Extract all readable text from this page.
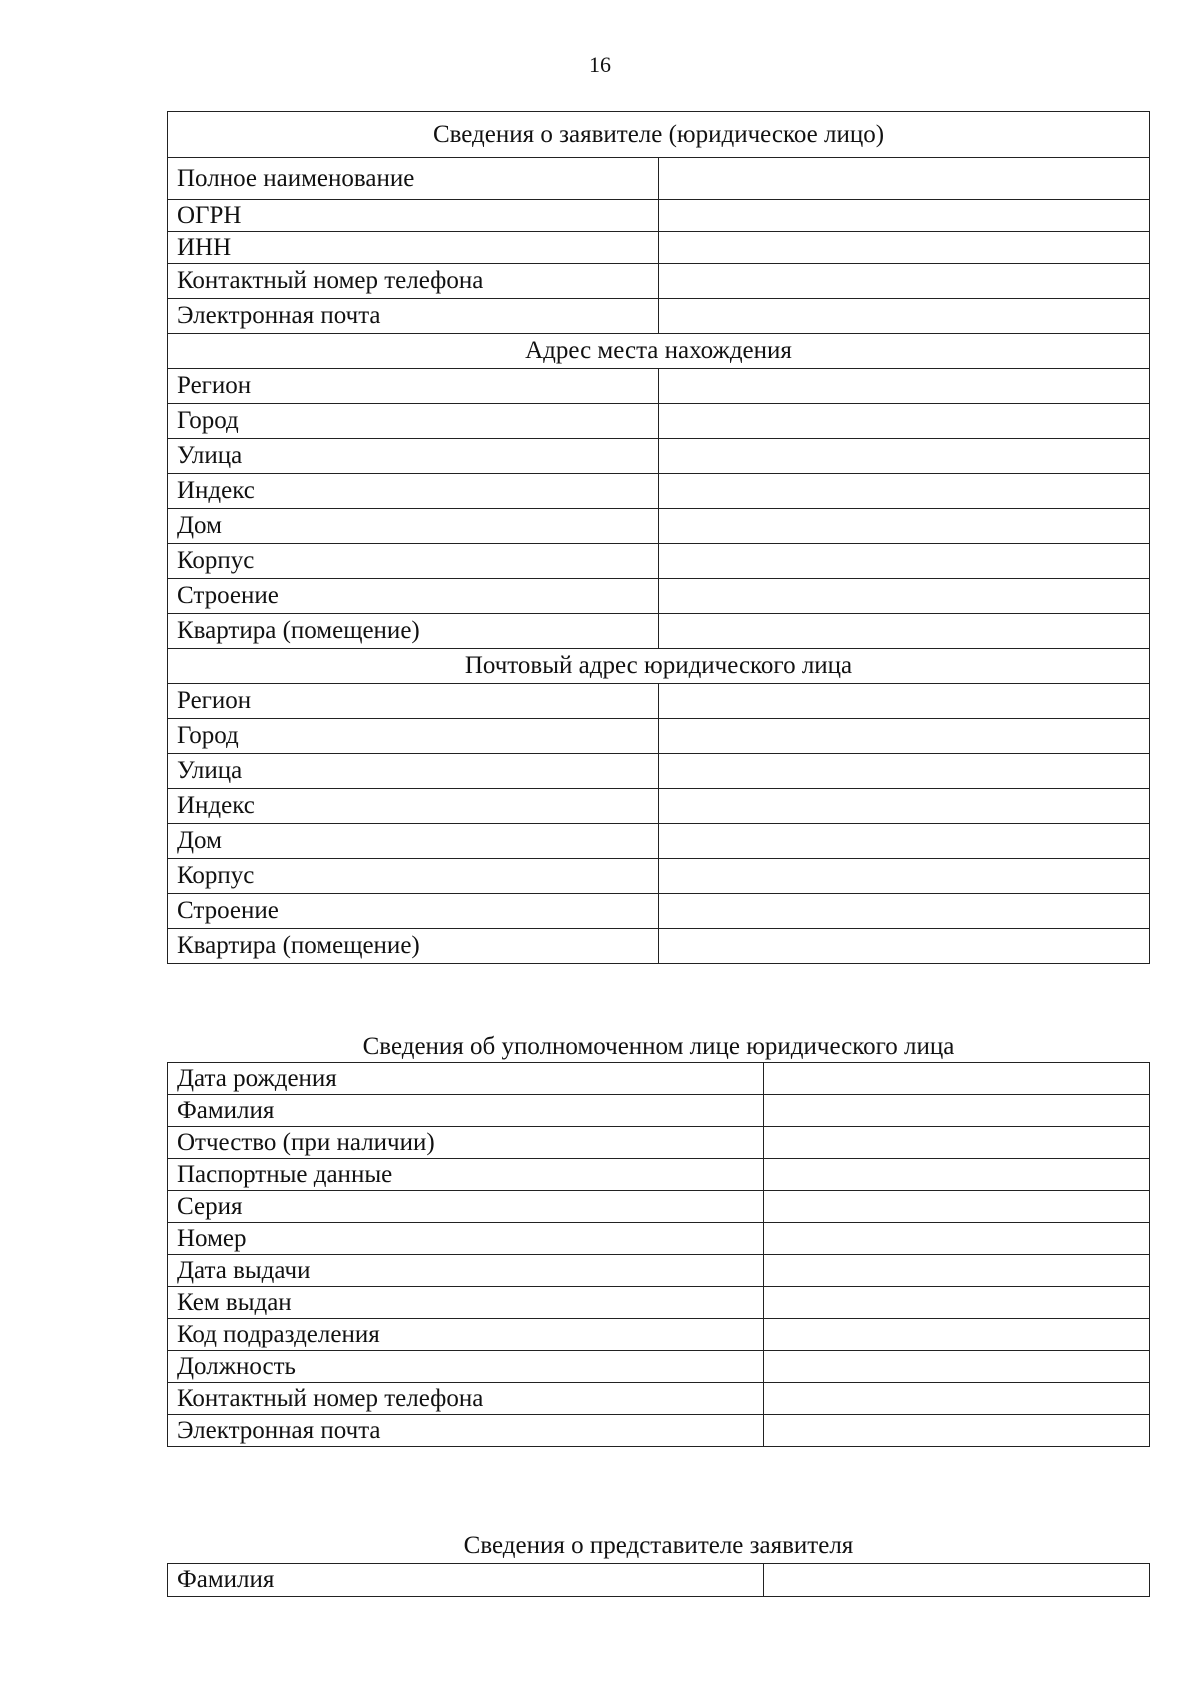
16
Сведения о заявителе (юридическое лицо)	
Полное наименование	
ОГРН	
ИНН	
Контактный номер телефона	
Электронная почта	
Адрес места нахождения	
Регион	
Город	
Улица	
Индекс	
Дом	
Корпус	
Строение	
Квартира (помещение)	
Почтовый адрес юридического лица	
Регион	
Город	
Улица	
Индекс	
Дом	
Корпус	
Строение	
Квартира (помещение)	
Сведения об уполномоченном лице юридического лица
Дата рождения	
Фамилия	
Отчество (при наличии)	
Паспортные данные	
Серия	
Номер	
Дата выдачи	
Кем выдан	
Код подразделения	
Должность	
Контактный номер телефона	
Электронная почта	
Сведения о представителе заявителя
Фамилия	
